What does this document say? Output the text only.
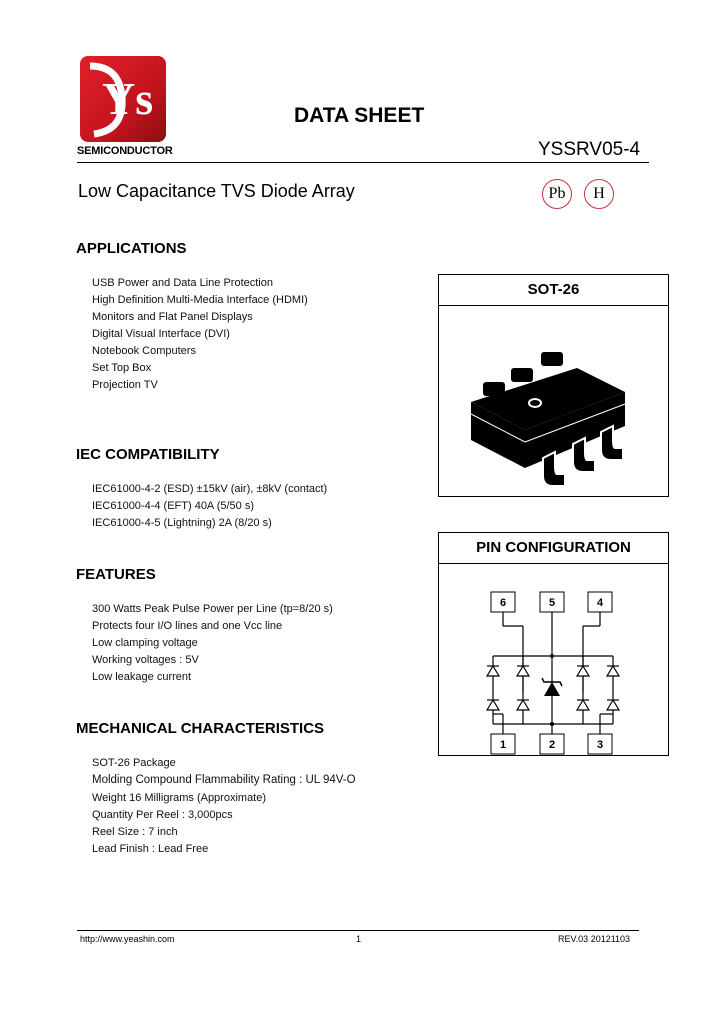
Ys
SEMICONDUCTOR
DATA SHEET
YSSRV05-4
Low Capacitance TVS Diode Array	Pb	H
APPLICATIONS
USB Power and Data Line Protection
High Definition Multi-Media Interface (HDMI)
Monitors and Flat Panel Displays
Digital Visual Interface (DVI)
Notebook Computers
Set Top Box
Projection TV
IEC COMPATIBILITY
IEC61000-4-2 (ESD) ±15kV (air), ±8kV (contact)
IEC61000-4-4 (EFT) 40A (5/50 s)
IEC61000-4-5 (Lightning) 2A (8/20 s)
FEATURES
300 Watts Peak Pulse Power per Line (tp=8/20 s)
Protects four I/O lines and one Vcc line
Low clamping voltage
Working voltages : 5V
Low leakage current
MECHANICAL CHARACTERISTICS
SOT-26 Package
Molding Compound Flammability Rating : UL 94V-O
Weight 16 Milligrams (Approximate)
Quantity Per Reel : 3,000pcs
Reel Size : 7 inch
Lead Finish : Lead Free
SOT-26
PIN CONFIGURATION
6	5	4
1	2	3
http://www.yeashin.com	1	REV.03 20121103
